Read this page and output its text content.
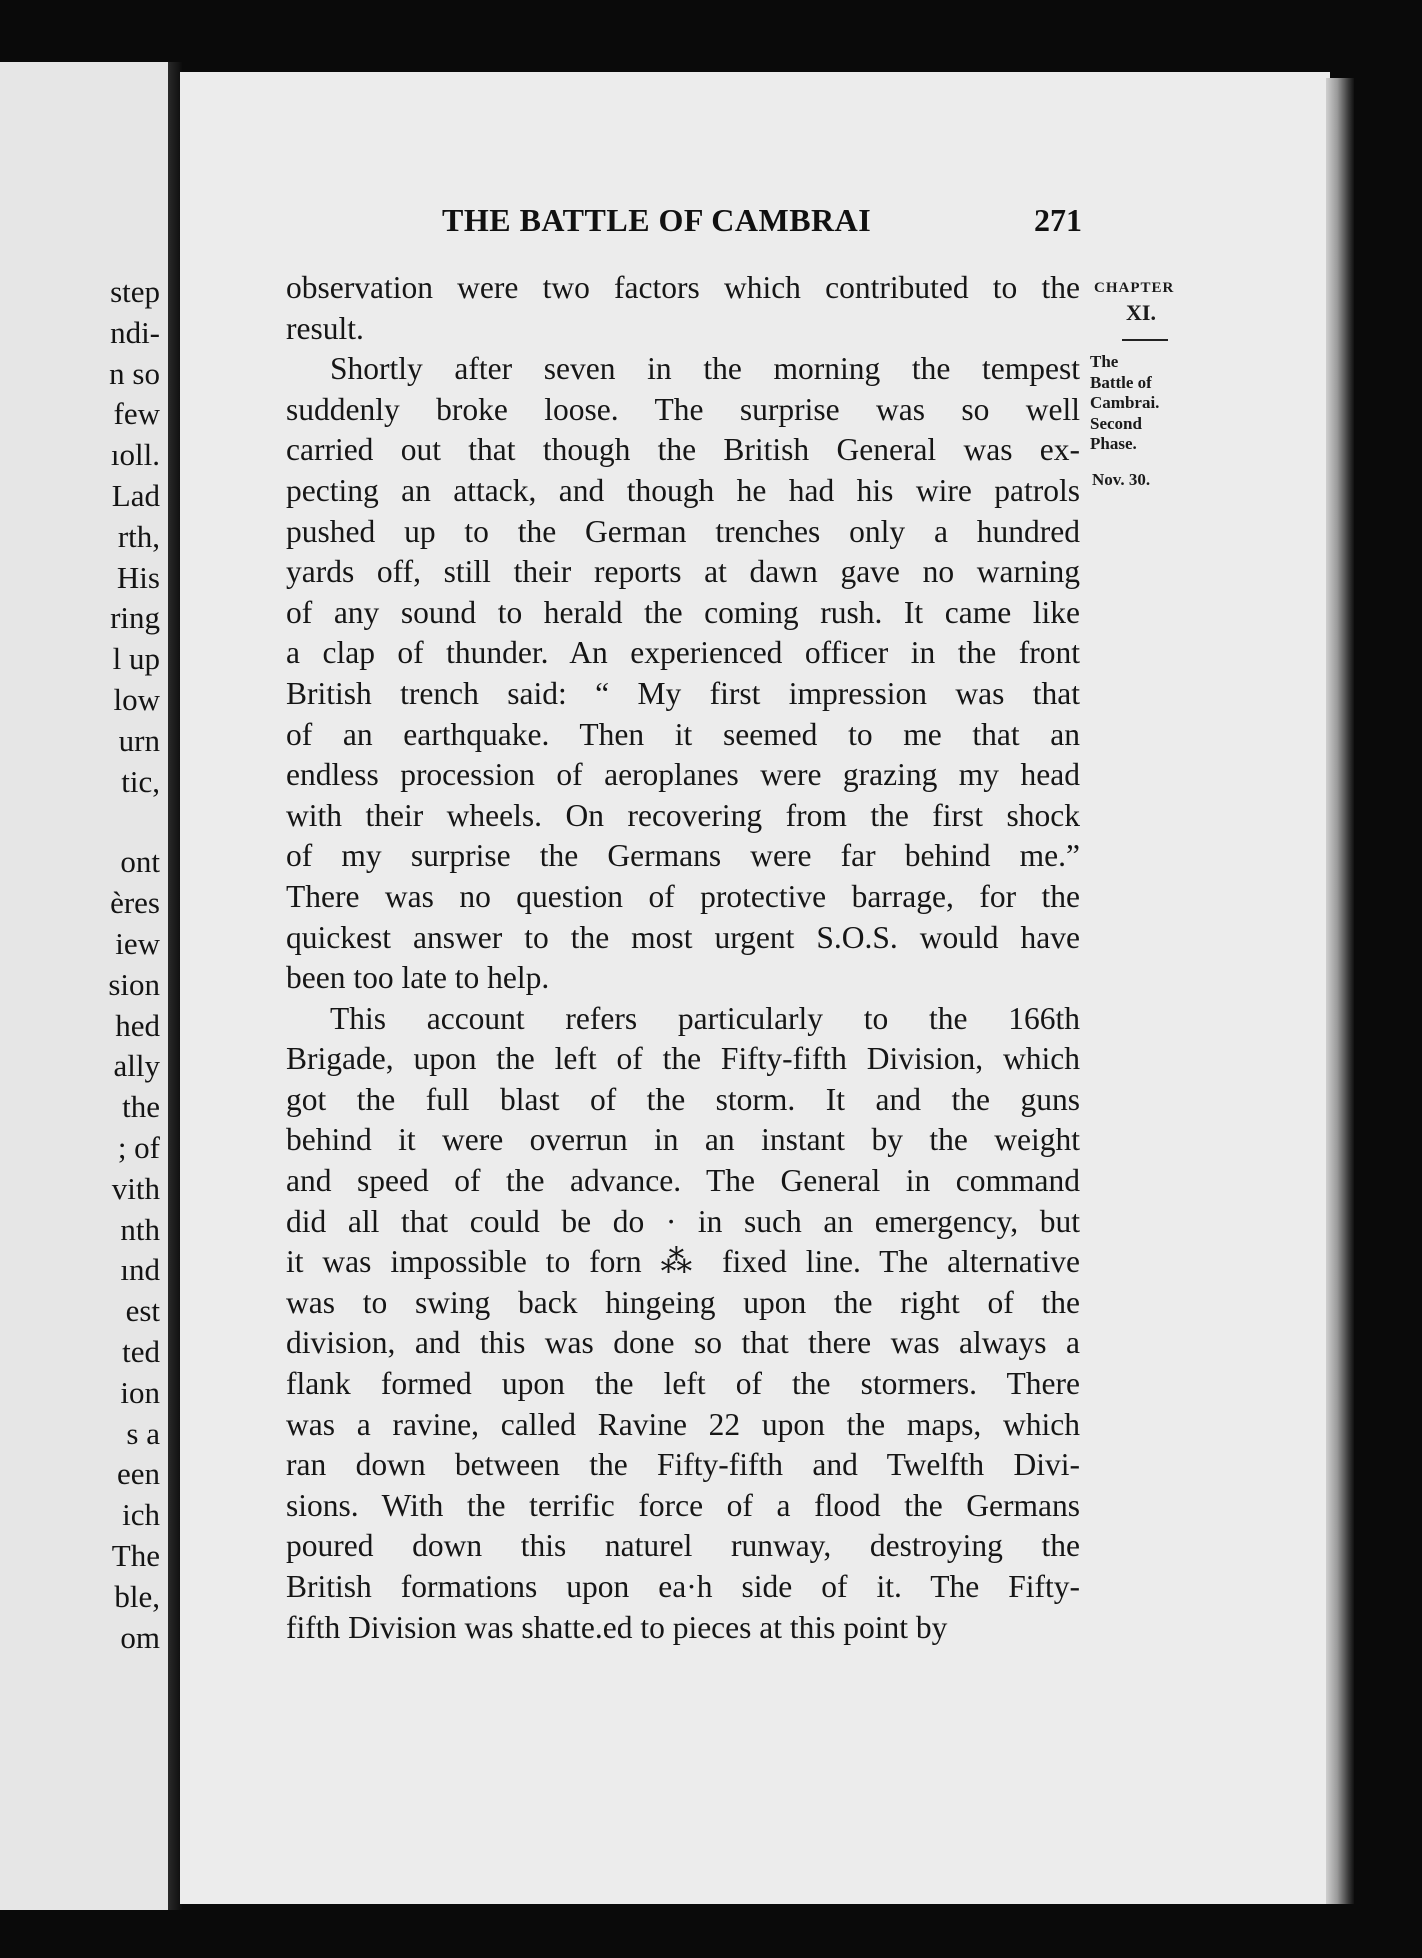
step
ndi-
n so
few
ıoll.
Lad
rth,
His
ring
l up
low
urn
tic,
ont
ères
iew
sion
hed
ally
the
; of
vith
nth
ınd
est
ted
ion
s a
een
ich
The
ble,
om
THE BATTLE OF CAMBRAI	271
CHAPTER
XI.
The
Battle of
Cambrai.
Second
Phase.
Nov. 30.
observation were two factors which contributed to the
result.
Shortly after seven in the morning the tempest
suddenly broke loose. The surprise was so well
carried out that though the British General was ex-
pecting an attack, and though he had his wire patrols
pushed up to the German trenches only a hundred
yards off, still their reports at dawn gave no warning
of any sound to herald the coming rush. It came like
a clap of thunder. An experienced officer in the front
British trench said: “ My first impression was that
of an earthquake. Then it seemed to me that an
endless procession of aeroplanes were grazing my head
with their wheels. On recovering from the first shock
of my surprise the Germans were far behind me.”
There was no question of protective barrage, for the
quickest answer to the most urgent S.O.S. would have
been too late to help.
This account refers particularly to the 166th
Brigade, upon the left of the Fifty-fifth Division, which
got the full blast of the storm. It and the guns
behind it were overrun in an instant by the weight
and speed of the advance. The General in command
did all that could be do · in such an emergency, but
it was impossible to forn ⁂ fixed line. The alternative
was to swing back hingeing upon the right of the
division, and this was done so that there was always a
flank formed upon the left of the stormers. There
was a ravine, called Ravine 22 upon the maps, which
ran down between the Fifty-fifth and Twelfth Divi-
sions. With the terrific force of a flood the Germans
poured down this naturel runway, destroying the
British formations upon ea·h side of it. The Fifty-
fifth Division was shatte.ed to pieces at this point by
